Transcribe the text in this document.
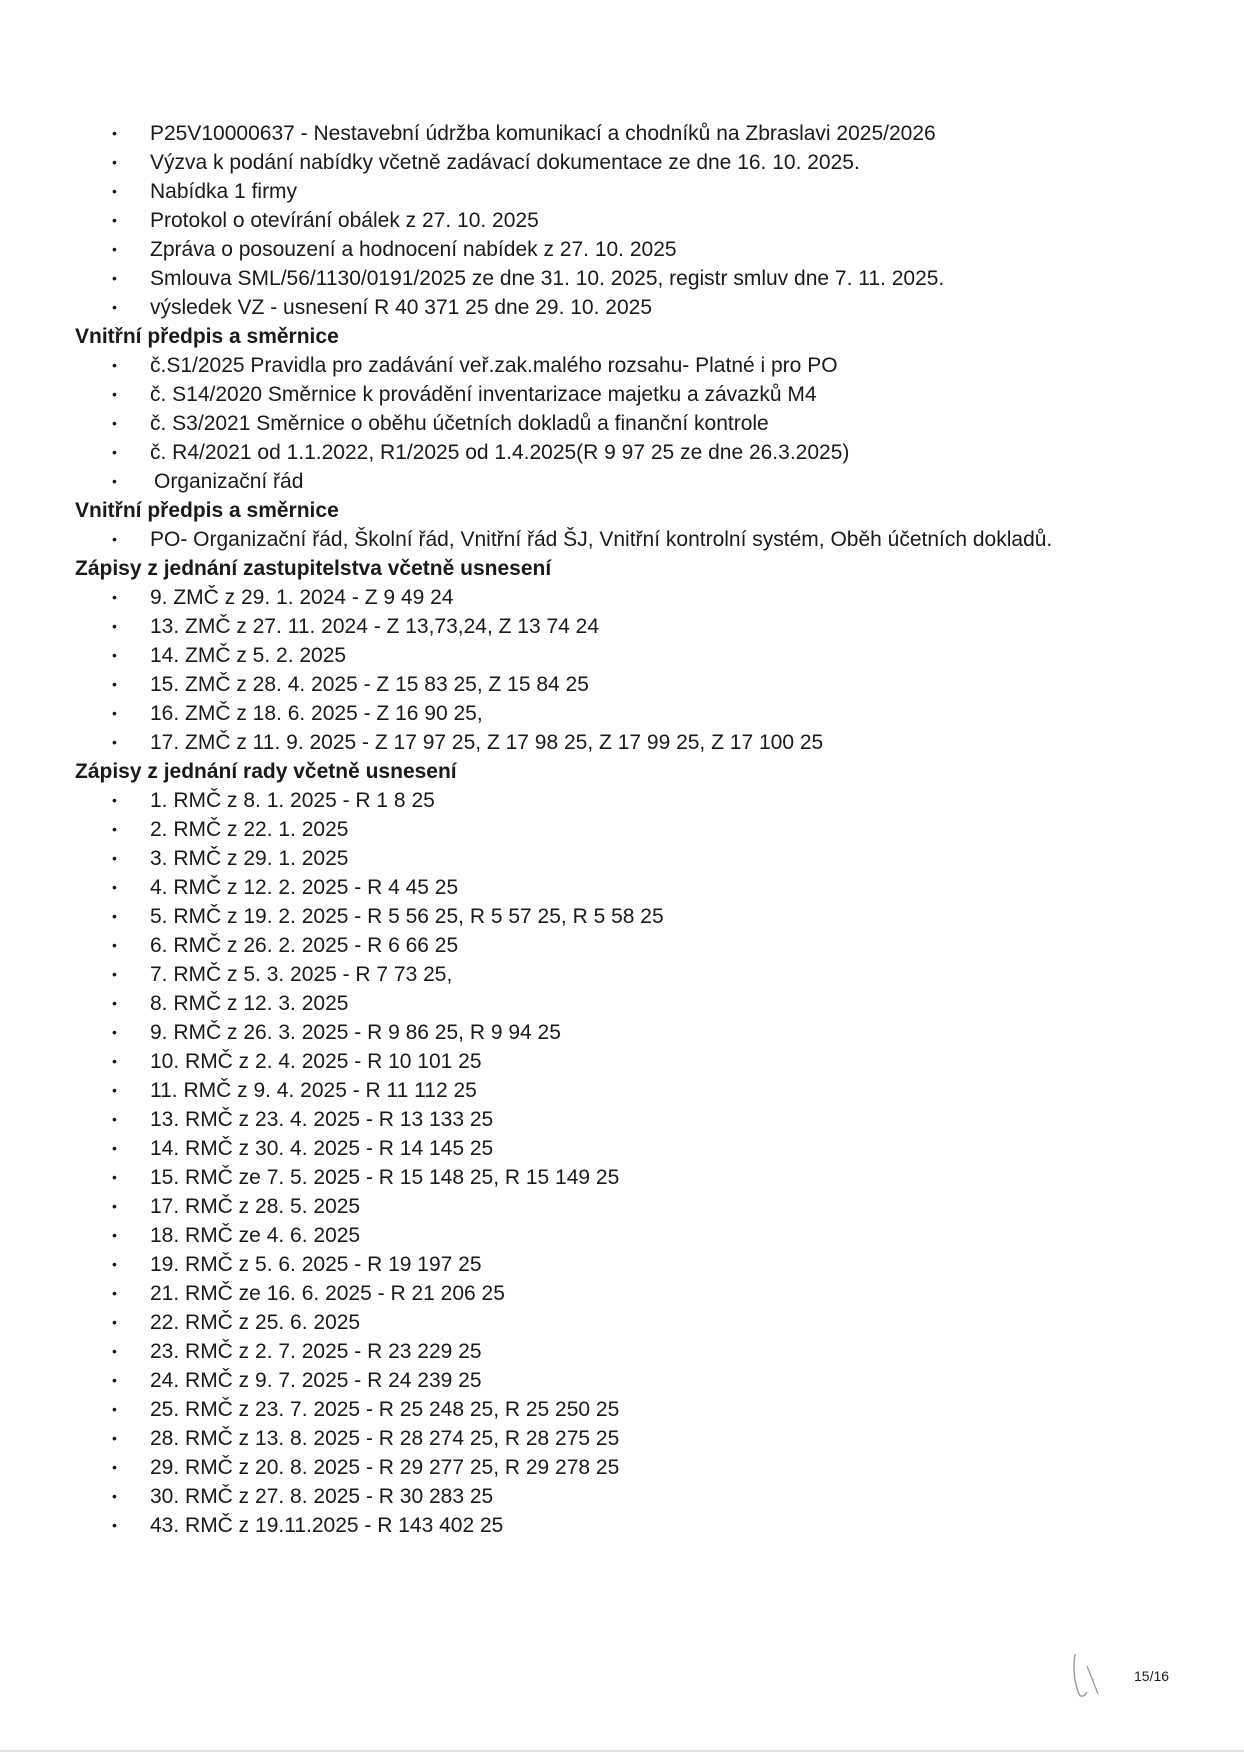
• P25V10000637 - Nestavební údržba komunikací a chodníků na Zbraslavi 2025/2026
• Výzva k podání nabídky včetně zadávací dokumentace ze dne 16. 10. 2025.
• Nabídka 1 firmy
• Protokol o otevírání obálek z 27. 10. 2025
• Zpráva o posouzení a hodnocení nabídek z 27. 10. 2025
• Smlouva SML/56/1130/0191/2025 ze dne 31. 10. 2025, registr smluv dne 7. 11. 2025.
• výsledek VZ - usnesení R 40 371 25 dne 29. 10. 2025
Vnitřní předpis a směrnice
• č.S1/2025 Pravidla pro zadávání veř.zak.malého rozsahu- Platné i pro PO
• č. S14/2020 Směrnice k provádění inventarizace majetku a závazků M4
• č. S3/2021 Směrnice o oběhu účetních dokladů a finanční kontrole
• č. R4/2021 od 1.1.2022, R1/2025 od 1.4.2025(R 9 97 25 ze dne 26.3.2025)
• Organizační řád
Vnitřní předpis a směrnice
• PO- Organizační řád, Školní řád, Vnitřní řád ŠJ, Vnitřní kontrolní systém, Oběh účetních dokladů.
Zápisy z jednání zastupitelstva včetně usnesení
• 9. ZMČ z 29. 1. 2024 - Z 9 49 24
• 13. ZMČ z 27. 11. 2024 - Z 13,73,24, Z 13 74 24
• 14. ZMČ z 5. 2. 2025
• 15. ZMČ z 28. 4. 2025 - Z 15 83 25, Z 15 84 25
• 16. ZMČ z 18. 6. 2025 - Z 16 90 25,
• 17. ZMČ z 11. 9. 2025 - Z 17 97 25, Z 17 98 25, Z 17 99 25, Z 17 100 25
Zápisy z jednání rady včetně usnesení
• 1. RMČ z 8. 1. 2025 - R 1 8 25
• 2. RMČ z 22. 1. 2025
• 3. RMČ z 29. 1. 2025
• 4. RMČ z 12. 2. 2025 - R 4 45 25
• 5. RMČ z 19. 2. 2025 - R 5 56 25, R 5 57 25, R 5 58 25
• 6. RMČ z 26. 2. 2025 - R 6 66 25
• 7. RMČ z 5. 3. 2025 - R 7 73 25,
• 8. RMČ z 12. 3. 2025
• 9. RMČ z 26. 3. 2025 - R 9 86 25, R 9 94 25
• 10. RMČ z 2. 4. 2025 - R 10 101 25
• 11. RMČ z 9. 4. 2025 - R 11 112 25
• 13. RMČ z 23. 4. 2025 - R 13 133 25
• 14. RMČ z 30. 4. 2025 - R 14 145 25
• 15. RMČ ze 7. 5. 2025 - R 15 148 25, R 15 149 25
• 17. RMČ z 28. 5. 2025
• 18. RMČ ze 4. 6. 2025
• 19. RMČ z 5. 6. 2025 - R 19 197 25
• 21. RMČ ze 16. 6. 2025 - R 21 206 25
• 22. RMČ z 25. 6. 2025
• 23. RMČ z 2. 7. 2025 - R 23 229 25
• 24. RMČ z 9. 7. 2025 - R 24 239 25
• 25. RMČ z 23. 7. 2025 - R 25 248 25, R 25 250 25
• 28. RMČ z 13. 8. 2025 - R 28 274 25, R 28 275 25
• 29. RMČ z 20. 8. 2025 - R 29 277 25, R 29 278 25
• 30. RMČ z 27. 8. 2025 - R 30 283 25
• 43. RMČ z 19.11.2025 - R 143 402 25
15/16
